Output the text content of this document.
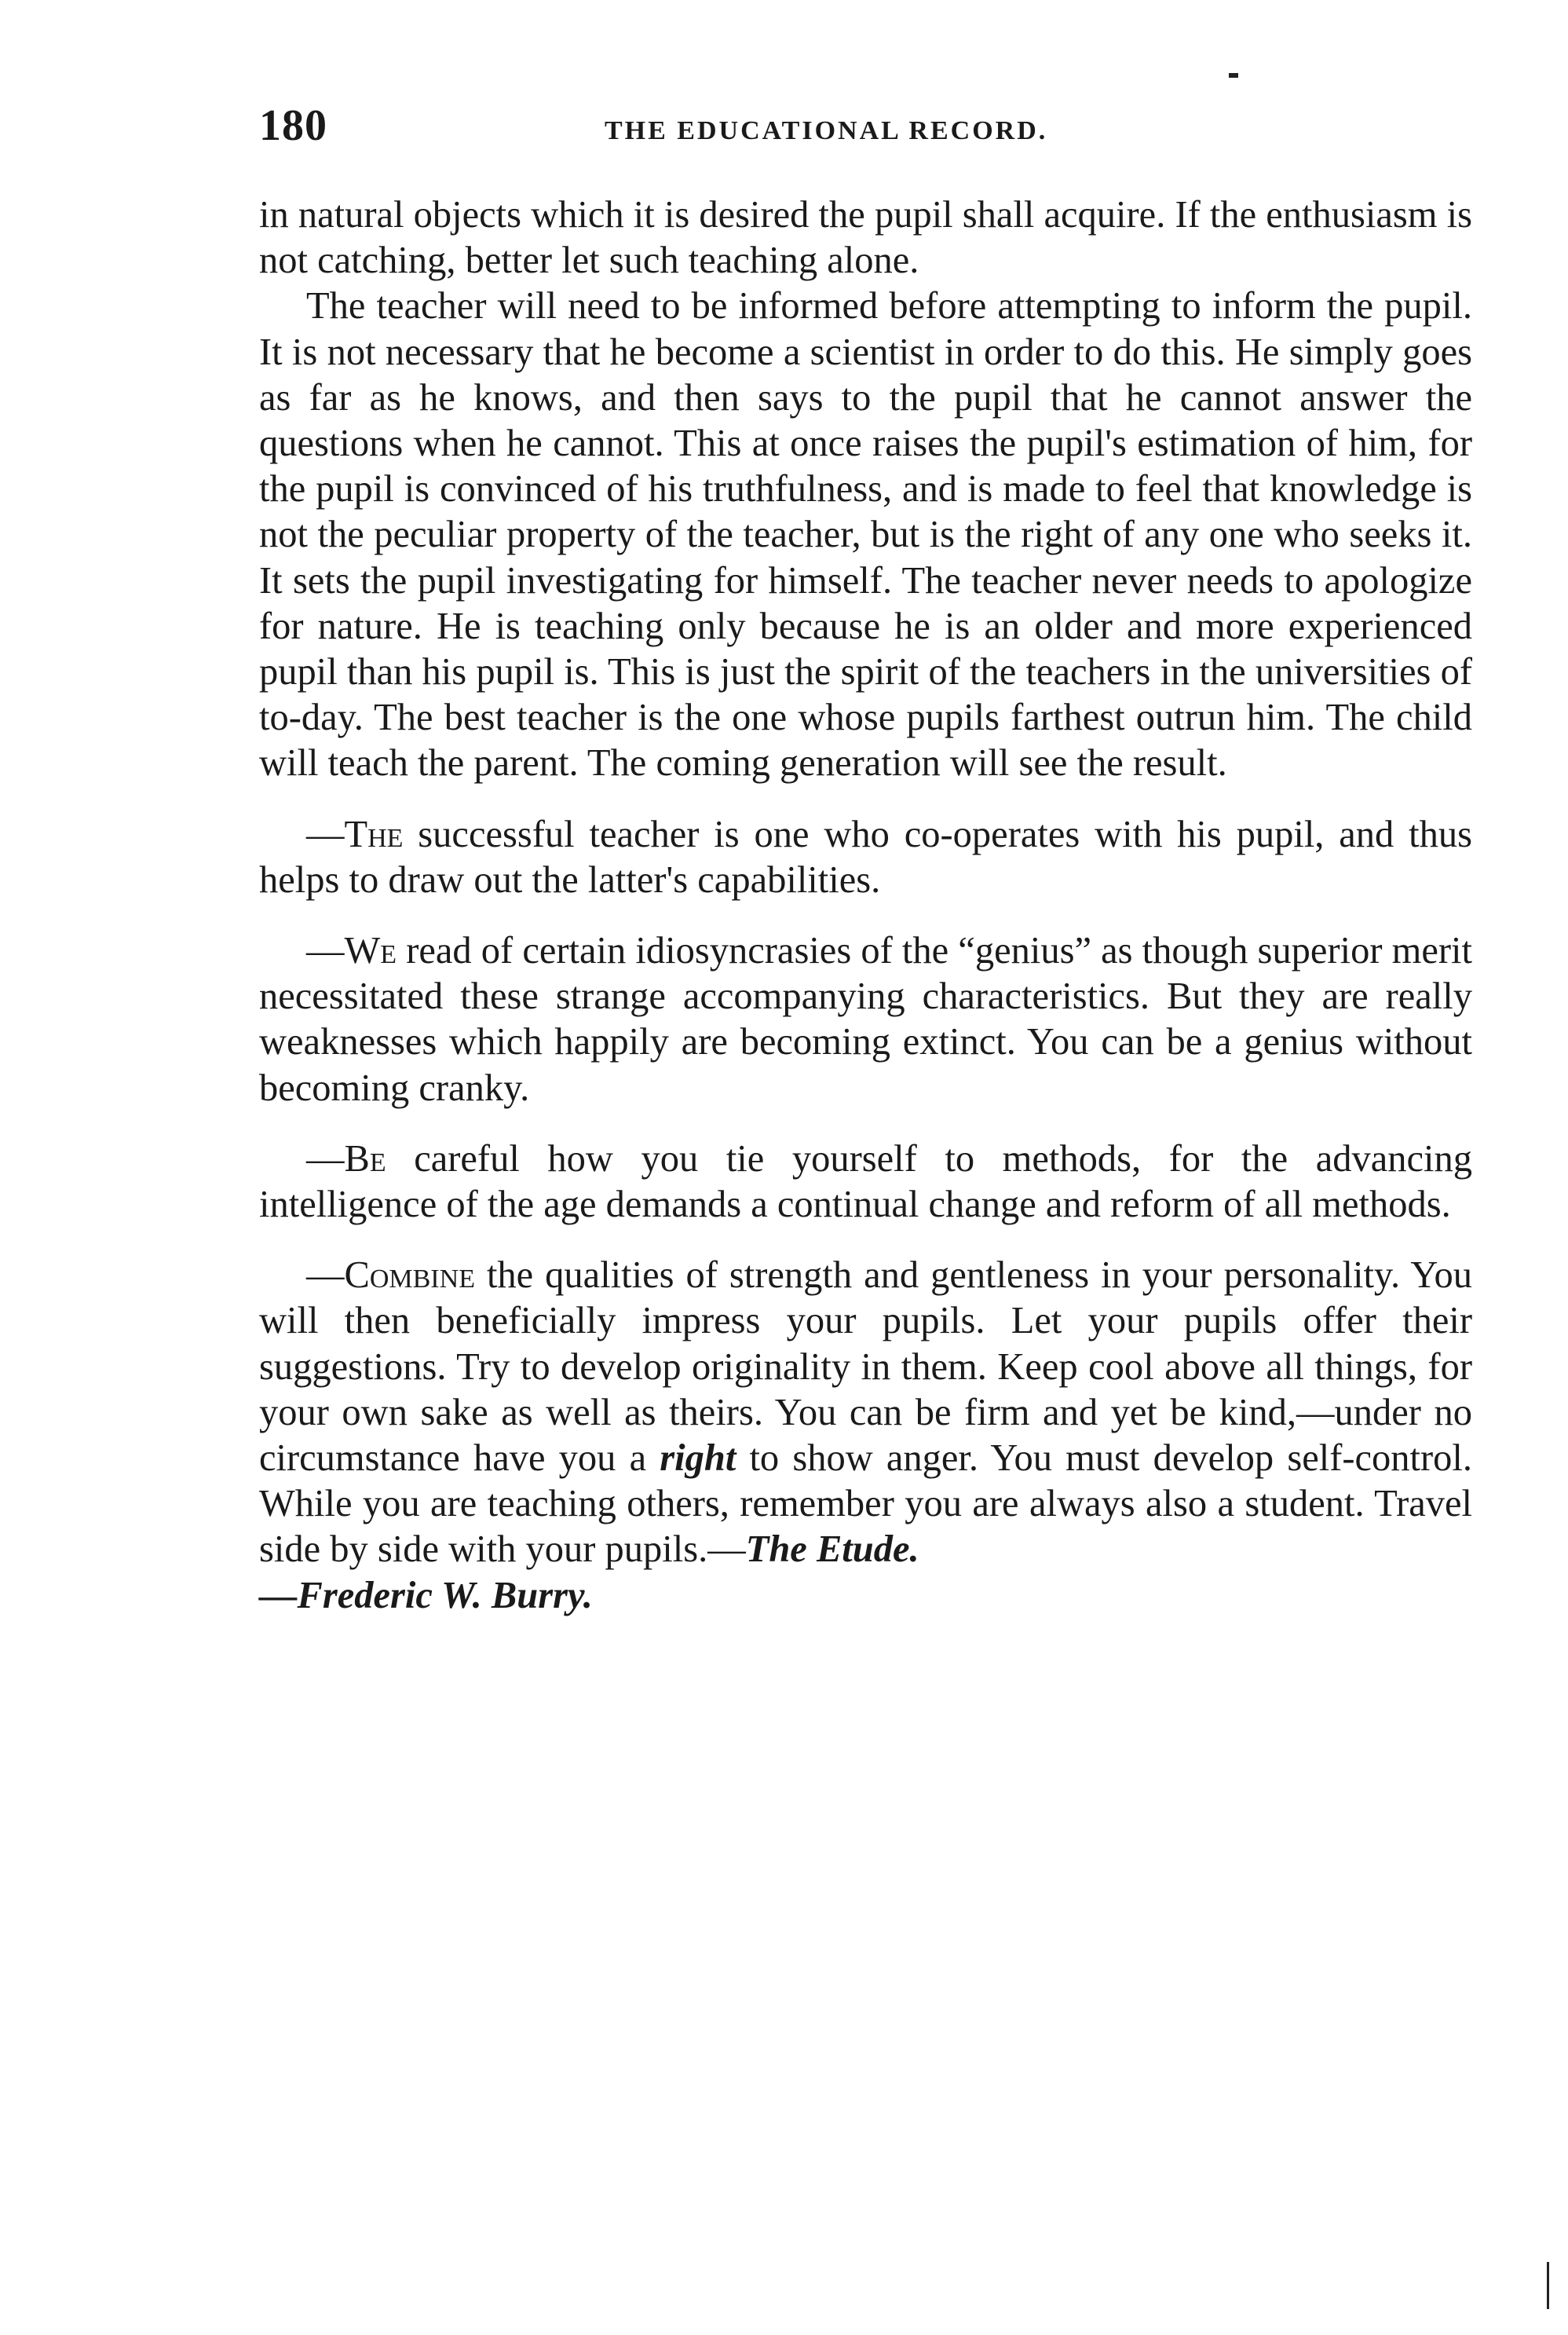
180	THE EDUCATIONAL RECORD.

in natural objects which it is desired the pupil shall acquire. If the enthusiasm is not catching, better let such teaching alone.

The teacher will need to be informed before attempting to inform the pupil. It is not necessary that he become a scientist in order to do this. He simply goes as far as he knows, and then says to the pupil that he cannot answer the questions when he cannot. This at once raises the pupil's estimation of him, for the pupil is convinced of his truthfulness, and is made to feel that knowledge is not the peculiar property of the teacher, but is the right of any one who seeks it. It sets the pupil investigating for himself. The teacher never needs to apologize for nature. He is teaching only because he is an older and more experienced pupil than his pupil is. This is just the spirit of the teachers in the universities of to-day. The best teacher is the one whose pupils farthest outrun him. The child will teach the parent. The coming generation will see the result.

—The successful teacher is one who co-operates with his pupil, and thus helps to draw out the latter's capabilities.

—We read of certain idiosyncrasies of the “genius” as though superior merit necessitated these strange accompanying characteristics. But they are really weaknesses which happily are becoming extinct. You can be a genius without becoming cranky.

—Be careful how you tie yourself to methods, for the advancing intelligence of the age demands a continual change and reform of all methods.

—Combine the qualities of strength and gentleness in your personality. You will then beneficially impress your pupils. Let your pupils offer their suggestions. Try to develop originality in them. Keep cool above all things, for your own sake as well as theirs. You can be firm and yet be kind,—under no circumstance have you a right to show anger. You must develop self-control. While you are teaching others, remember you are always also a student. Travel side by side with your pupils.—The Etude.

—Frederic W. Burry.
